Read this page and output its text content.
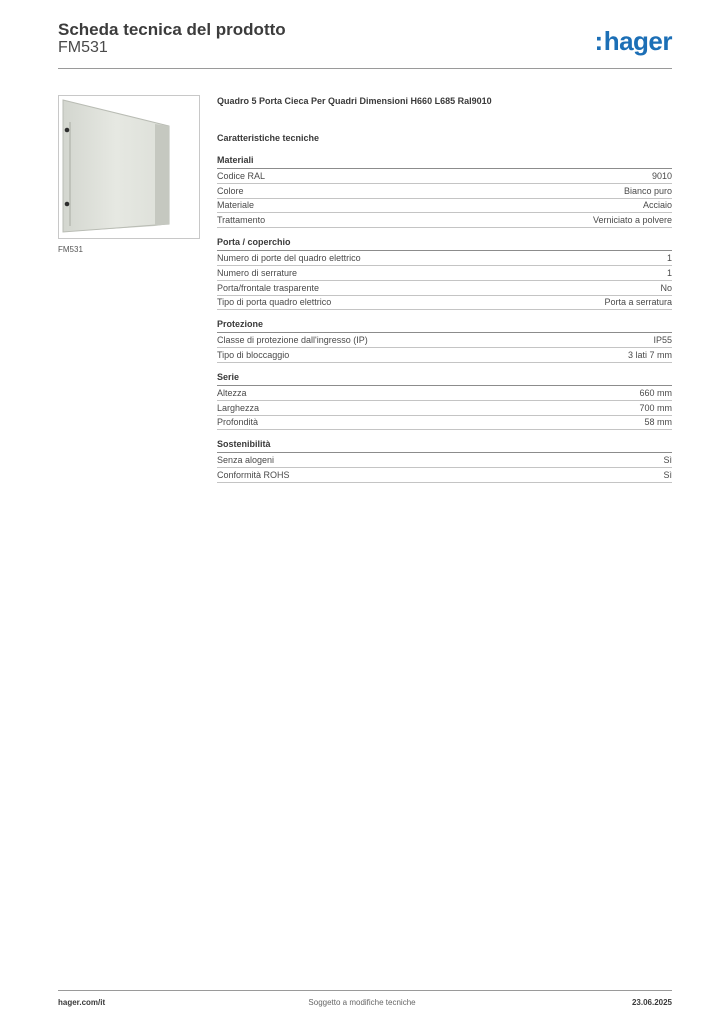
Scheda tecnica del prodotto
FM531	:hager
FM531
Quadro 5 Porta Cieca Per Quadri Dimensioni H660 L685 Ral9010
Caratteristiche tecniche
Materiali
Codice RAL	9010
Colore	Bianco puro
Materiale	Acciaio
Trattamento	Verniciato a polvere
Porta / coperchio
Numero di porte del quadro elettrico	1
Numero di serrature	1
Porta/frontale trasparente	No
Tipo di porta quadro elettrico	Porta a serratura
Protezione
Classe di protezione dall'ingresso (IP)	IP55
Tipo di bloccaggio	3 lati 7 mm
Serie
Altezza	660 mm
Larghezza	700 mm
Profondità	58 mm
Sostenibilità
Senza alogeni	Sì
Conformità ROHS	Sì
hager.com/it	Soggetto a modifiche tecniche	23.06.2025
